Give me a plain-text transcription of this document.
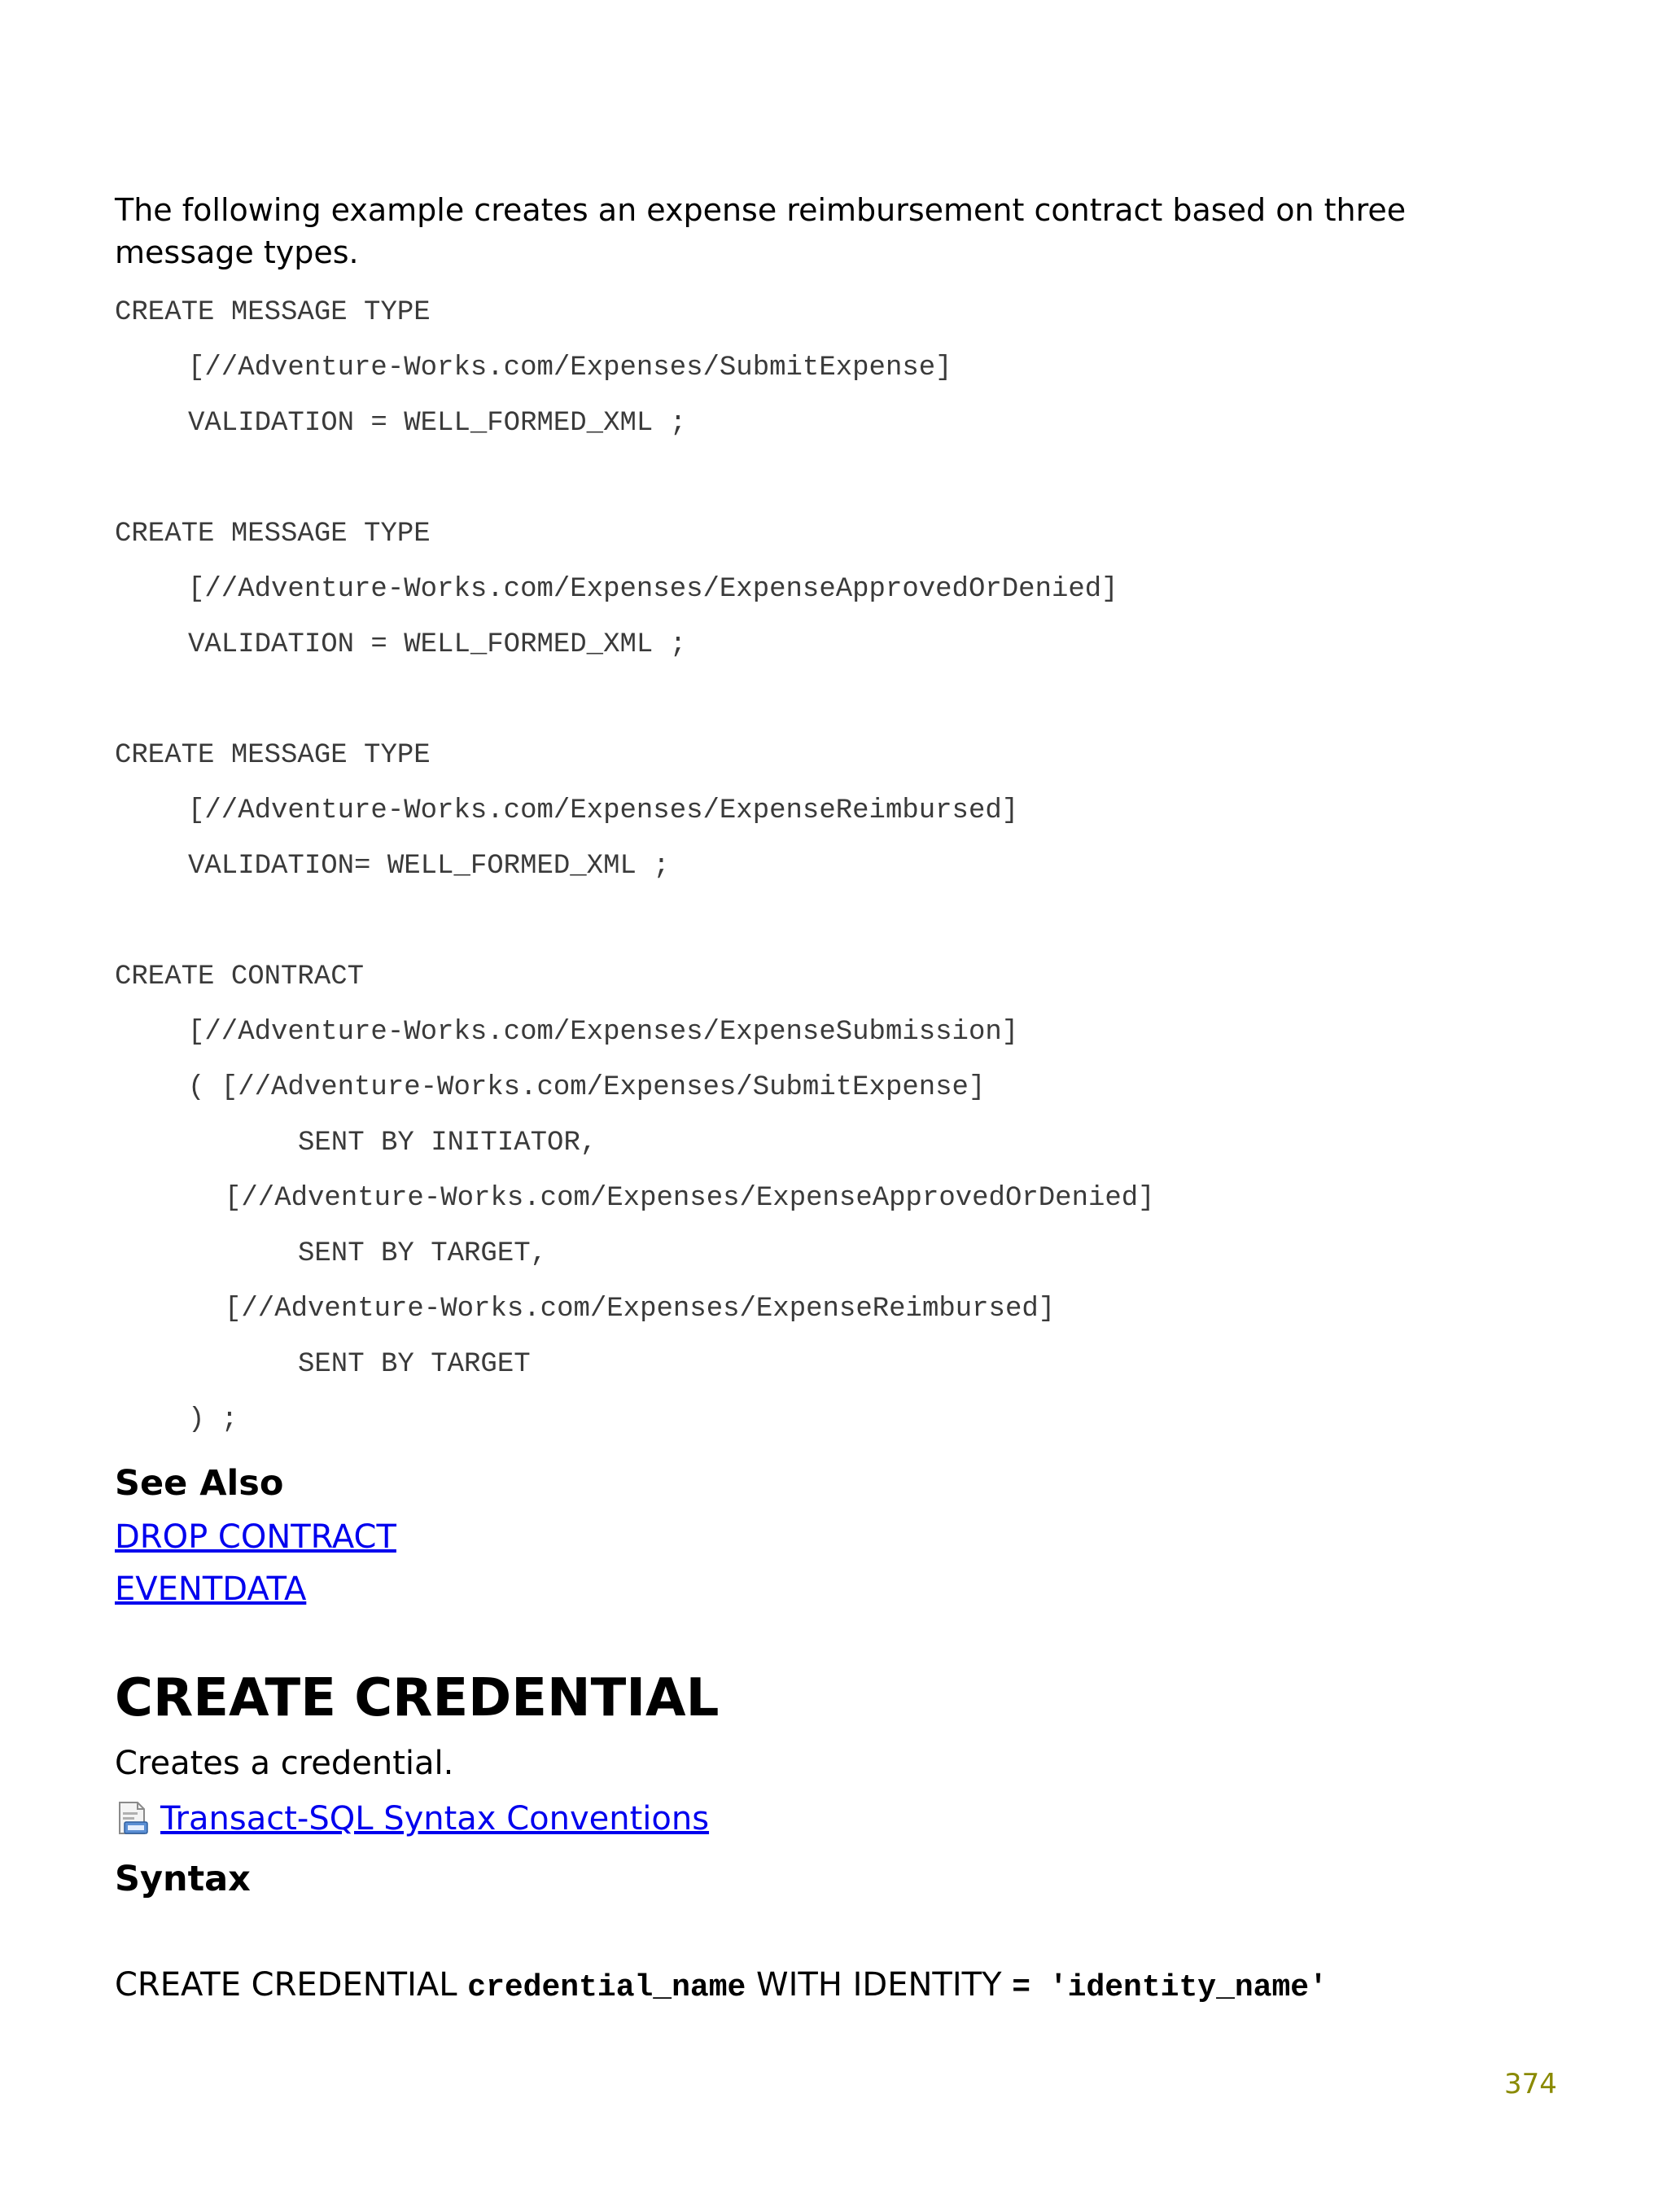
The following example creates an expense reimbursement contract based on three message types.

CREATE MESSAGE TYPE
[//Adventure-Works.com/Expenses/SubmitExpense]
VALIDATION = WELL_FORMED_XML ;
CREATE MESSAGE TYPE
[//Adventure-Works.com/Expenses/ExpenseApprovedOrDenied]
VALIDATION = WELL_FORMED_XML ;
CREATE MESSAGE TYPE
[//Adventure-Works.com/Expenses/ExpenseReimbursed]
VALIDATION= WELL_FORMED_XML ;
CREATE CONTRACT
[//Adventure-Works.com/Expenses/ExpenseSubmission]
( [//Adventure-Works.com/Expenses/SubmitExpense]
SENT BY INITIATOR,
[//Adventure-Works.com/Expenses/ExpenseApprovedOrDenied]
SENT BY TARGET,
[//Adventure-Works.com/Expenses/ExpenseReimbursed]
SENT BY TARGET
) ;
See Also
DROP CONTRACT
EVENTDATA
CREATE CREDENTIAL
Creates a credential.
Transact-SQL Syntax Conventions
Syntax
CREATE CREDENTIAL credential_name WITH IDENTITY = 'identity_name'
374
